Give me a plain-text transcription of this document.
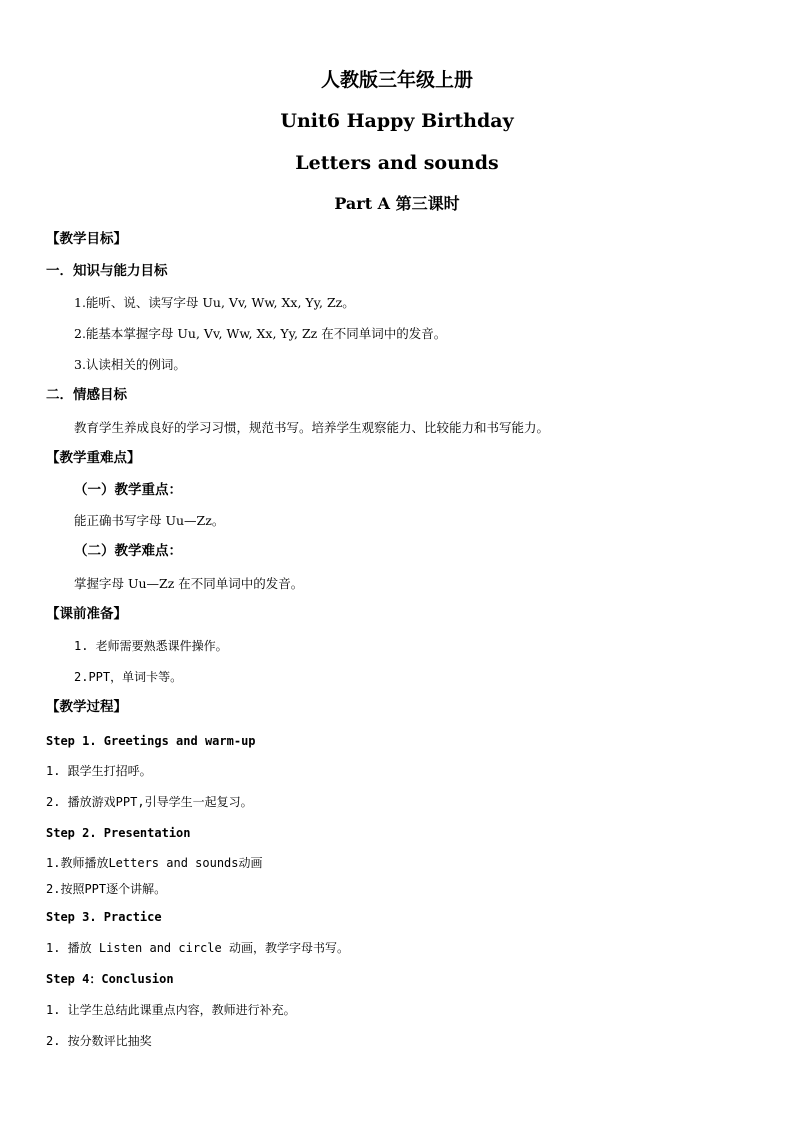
人教版三年级上册
Unit6 Happy Birthday
Letters and sounds
Part A 第三课时
【教学目标】
一．知识与能力目标
1.能听、说、读写字母 Uu, Vv, Ww, Xx, Yy, Zz。
2.能基本掌握字母 Uu, Vv, Ww, Xx, Yy, Zz 在不同单词中的发音。
3.认读相关的例词。
二．情感目标
教育学生养成良好的学习习惯，规范书写。培养学生观察能力、比较能力和书写能力。
【教学重难点】
（一）教学重点：
能正确书写字母 Uu—Zz。
（二）教学难点：
掌握字母 Uu—Zz 在不同单词中的发音。
【课前准备】
1. 老师需要熟悉课件操作。
2.PPT，单词卡等。
【教学过程】
Step 1. Greetings and warm-up
1. 跟学生打招呼。
2. 播放游戏PPT,引导学生一起复习。
Step 2. Presentation
1.教师播放Letters and sounds动画
2.按照PPT逐个讲解。
Step 3. Practice
1. 播放 Listen and circle 动画，教学字母书写。
Step 4：Conclusion
1. 让学生总结此课重点内容，教师进行补充。
2. 按分数评比抽奖
